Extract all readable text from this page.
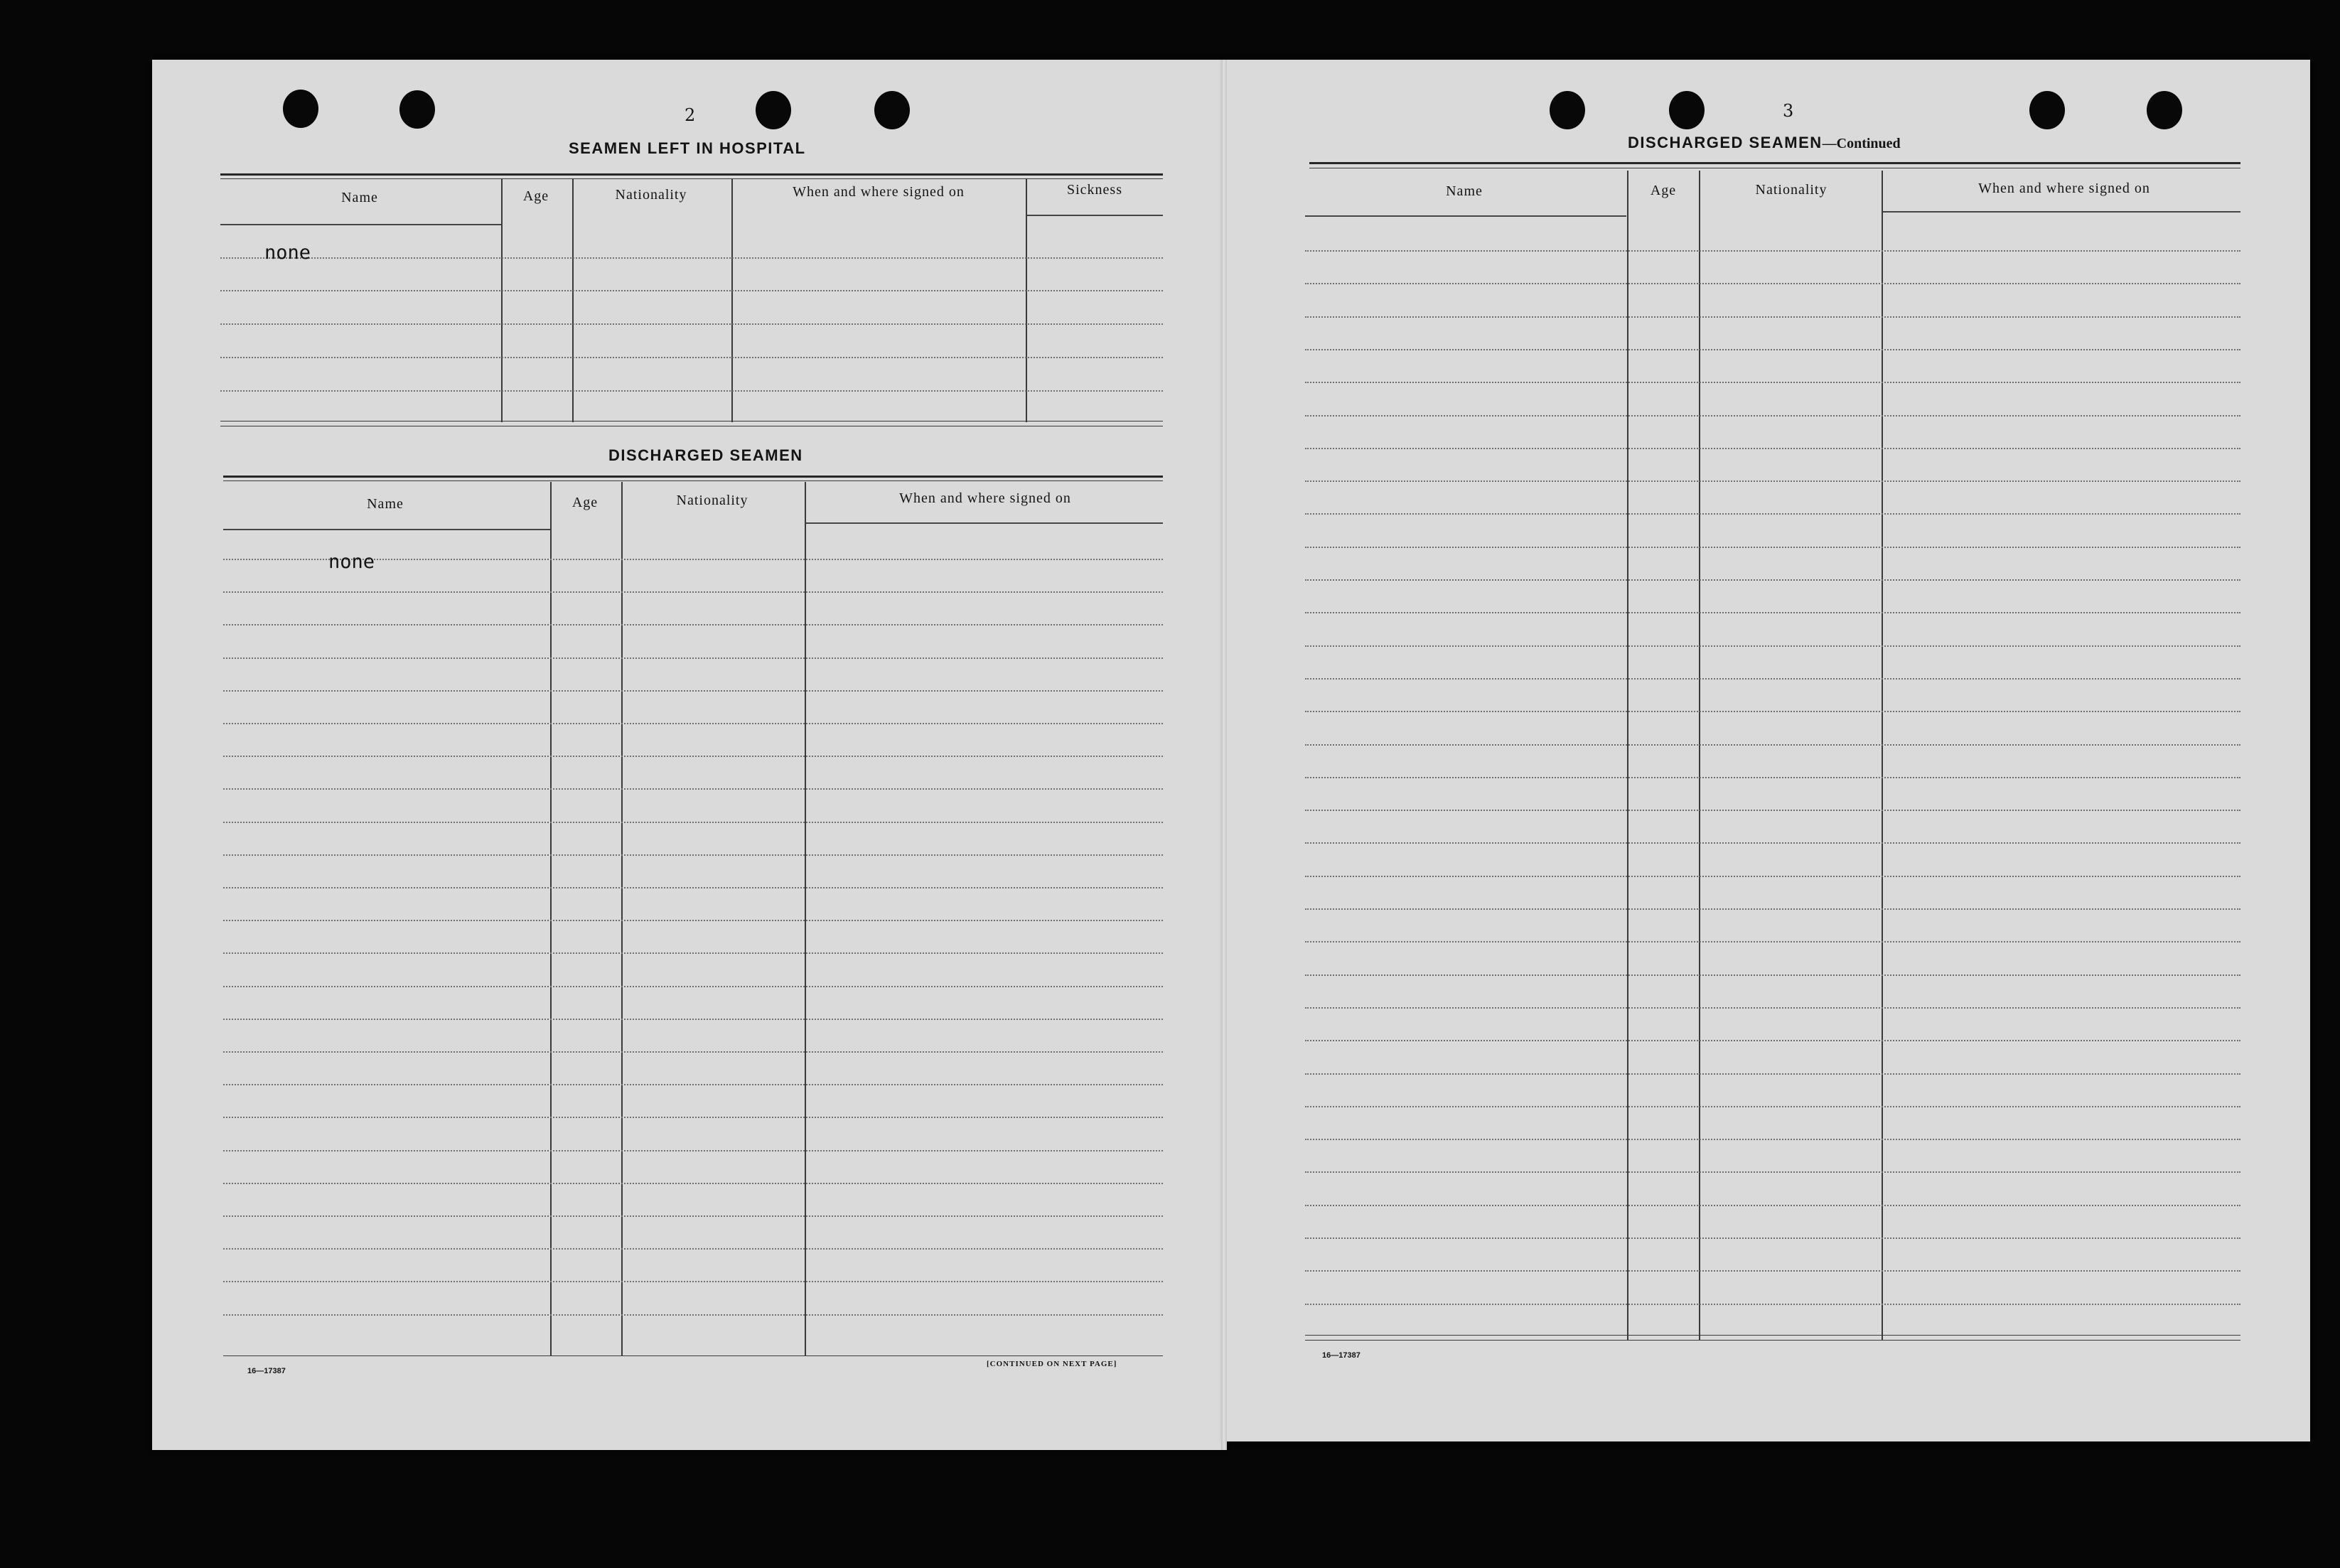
2
SEAMEN LEFT IN HOSPITAL
Name	Age	Nationality	When and where signed on	Sickness
none
DISCHARGED SEAMEN
Name	Age	Nationality	When and where signed on
none
16—17387
[CONTINUED ON NEXT PAGE]
3
DISCHARGED SEAMEN—Continued
Name	Age	Nationality	When and where signed on
16—17387
